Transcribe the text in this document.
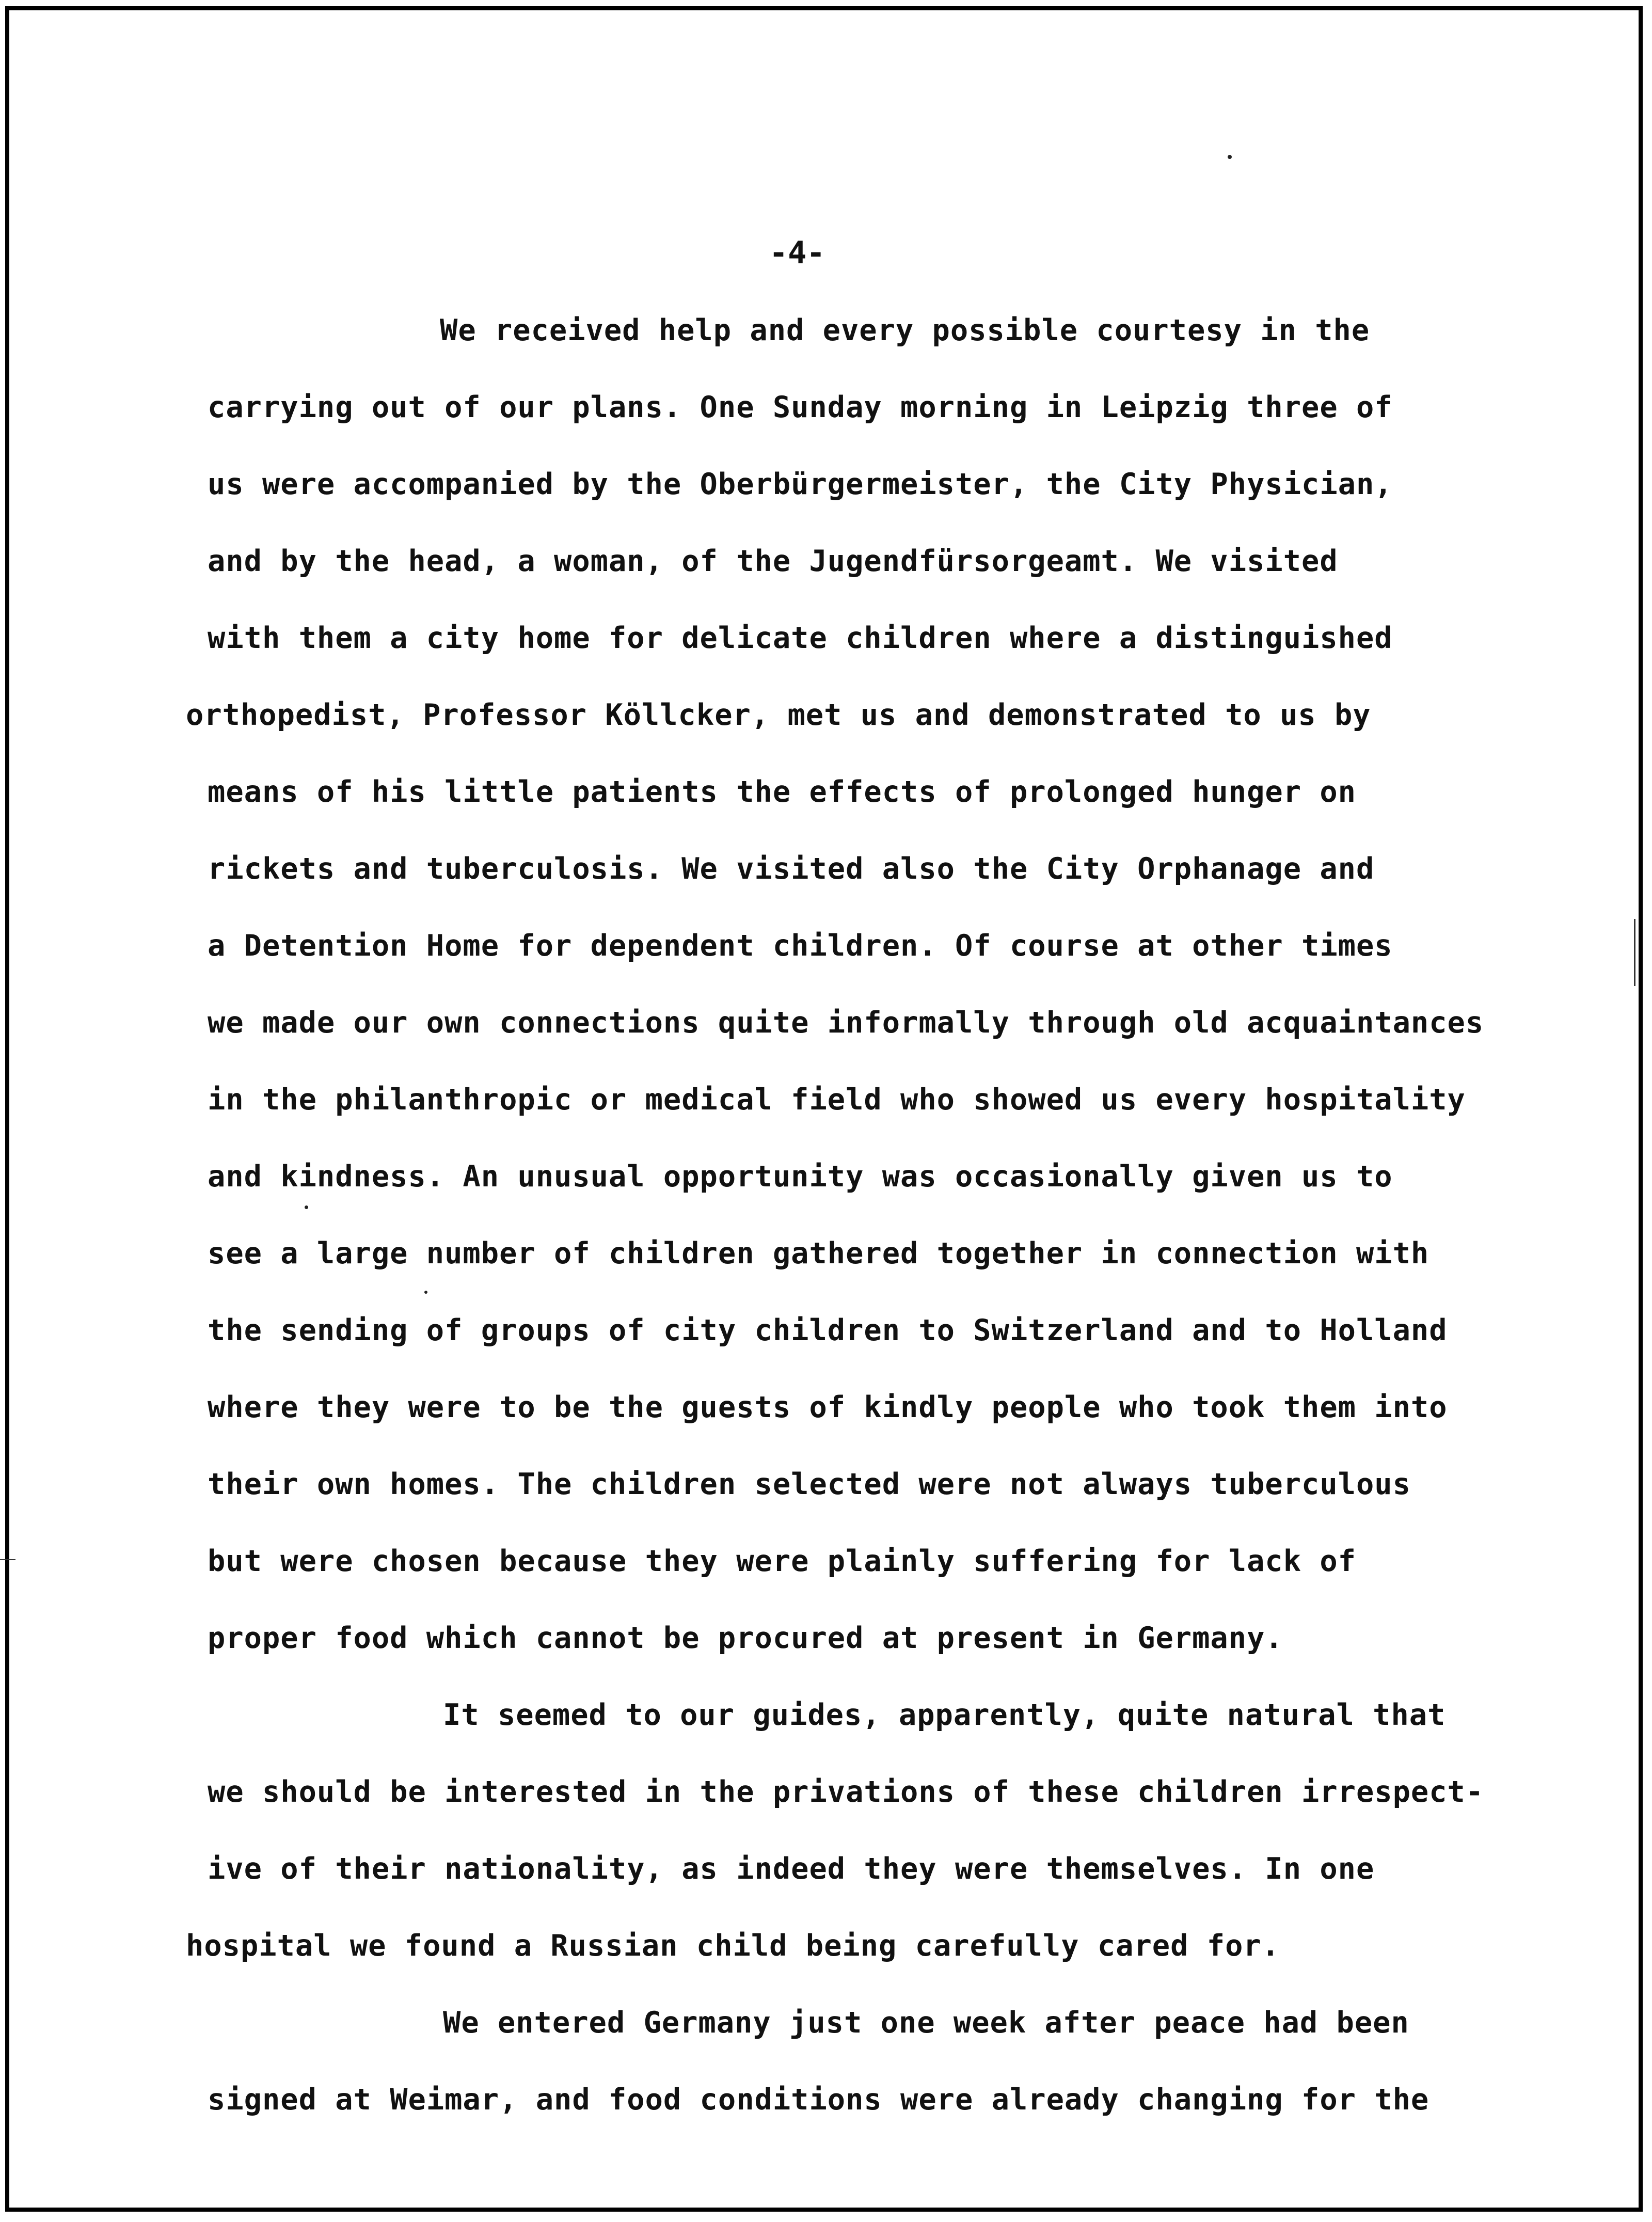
-4-
We received help and every possible courtesy in the
carrying out of our plans. One Sunday morning in Leipzig three of
us were accompanied by the Oberbürgermeister, the City Physician,
and by the head, a woman, of the Jugendfürsorgeamt. We visited
with them a city home for delicate children where a distinguished
orthopedist, Professor Köllcker, met us and demonstrated to us by
means of his little patients the effects of prolonged hunger on
rickets and tuberculosis. We visited also the City Orphanage and
a Detention Home for dependent children. Of course at other times
we made our own connections quite informally through old acquaintances
in the philanthropic or medical field who showed us every hospitality
and kindness. An unusual opportunity was occasionally given us to
see a large number of children gathered together in connection with
the sending of groups of city children to Switzerland and to Holland
where they were to be the guests of kindly people who took them into
their own homes. The children selected were not always tuberculous
but were chosen because they were plainly suffering for lack of
proper food which cannot be procured at present in Germany.
It seemed to our guides, apparently, quite natural that
we should be interested in the privations of these children irrespect-
ive of their nationality, as indeed they were themselves. In one
hospital we found a Russian child being carefully cared for.
We entered Germany just one week after peace had been
signed at Weimar, and food conditions were already changing for the
